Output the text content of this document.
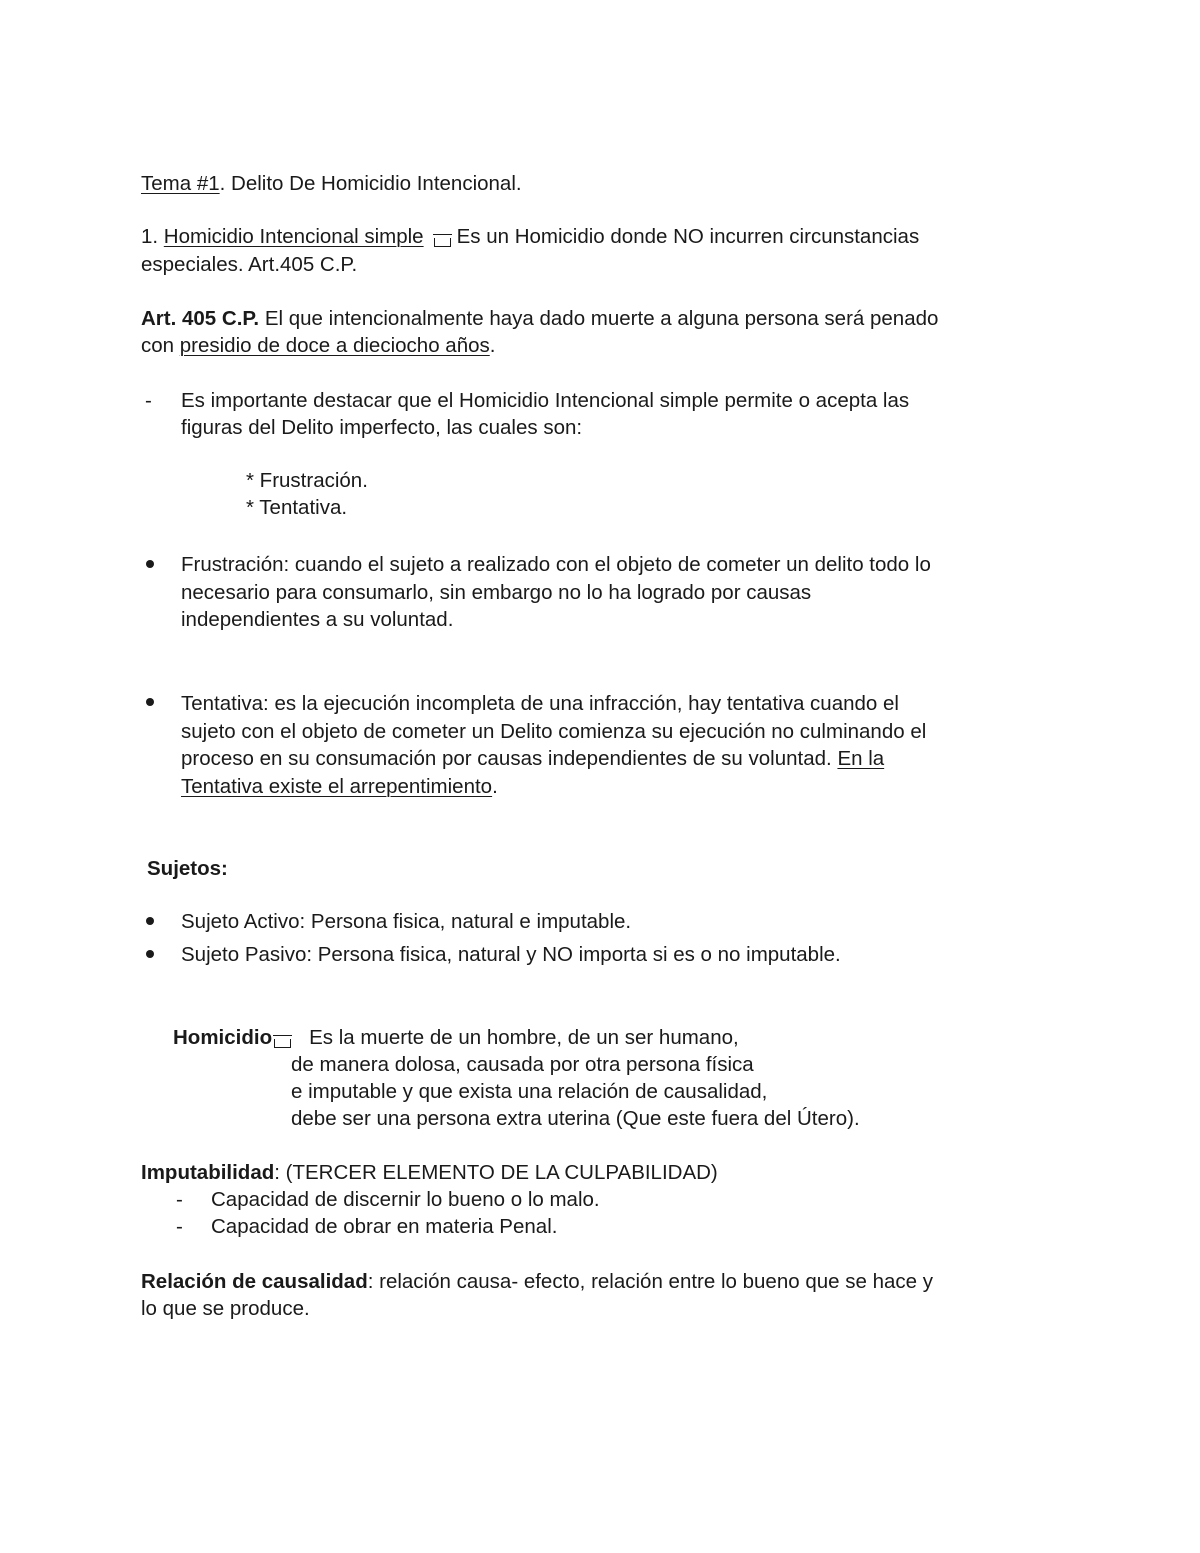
Tema #1. Delito De Homicidio Intencional.
1. Homicidio Intencional simple Es un Homicidio donde NO incurren circunstancias
especiales. Art.405 C.P.
Art. 405 C.P. El que intencionalmente haya dado muerte a alguna persona será penado
con presidio de doce a dieciocho años.
-	Es importante destacar que el Homicidio Intencional simple permite o acepta las
figuras del Delito imperfecto, las cuales son:
* Frustración.
* Tentativa.
Frustración: cuando el sujeto a realizado con el objeto de cometer un delito todo lo
necesario para consumarlo, sin embargo no lo ha logrado por causas
independientes a su voluntad.
Tentativa: es la ejecución incompleta de una infracción, hay tentativa cuando el
sujeto con el objeto de cometer un Delito comienza su ejecución no culminando el
proceso en su consumación por causas independientes de su voluntad. En la
Tentativa existe el arrepentimiento.
Sujetos:
Sujeto Activo: Persona fisica, natural e imputable.
Sujeto Pasivo: Persona fisica, natural y NO importa si es o no imputable.
Homicidio Es la muerte de un hombre, de un ser humano,
de manera dolosa, causada por otra persona física
e imputable y que exista una relación de causalidad,
debe ser una persona extra uterina (Que este fuera del Útero).
Imputabilidad: (TERCER ELEMENTO DE LA CULPABILIDAD)
- Capacidad de discernir lo bueno o lo malo.
- Capacidad de obrar en materia Penal.
Relación de causalidad: relación causa- efecto, relación entre lo bueno que se hace y
lo que se produce.
